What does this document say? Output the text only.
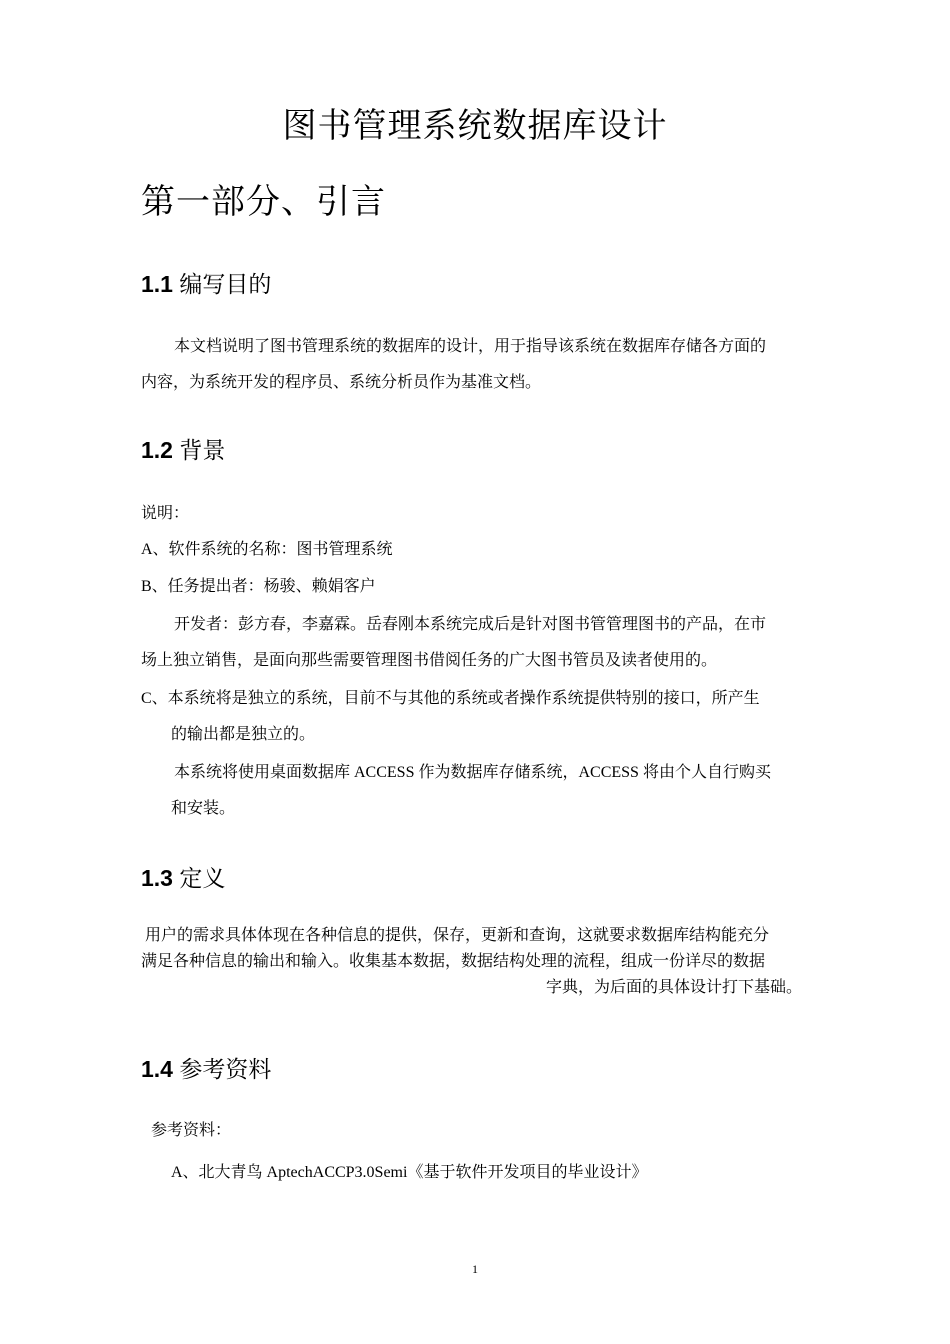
图书管理系统数据库设计
第一部分、引言
1.1 编写目的
本文档说明了图书管理系统的数据库的设计，用于指导该系统在数据库存储各方面的
内容，为系统开发的程序员、系统分析员作为基准文档。
1.2 背景
说明：
A、软件系统的名称：图书管理系统
B、任务提出者：杨骏、赖娟客户
开发者：彭方春，李嘉霖。岳春刚本系统完成后是针对图书管管理图书的产品，在市
场上独立销售，是面向那些需要管理图书借阅任务的广大图书管员及读者使用的。
C、本系统将是独立的系统，目前不与其他的系统或者操作系统提供特别的接口，所产生
的输出都是独立的。
本系统将使用桌面数据库 ACCESS 作为数据库存储系统，ACCESS 将由个人自行购买
和安装。
1.3 定义
用户的需求具体体现在各种信息的提供，保存，更新和查询，这就要求数据库结构能充分
满足各种信息的输出和输入。收集基本数据，数据结构处理的流程，组成一份详尽的数据
字典，为后面的具体设计打下基础。
1.4 参考资料
参考资料：
A、北大青鸟 AptechACCP3.0Semi《基于软件开发项目的毕业设计》
1
